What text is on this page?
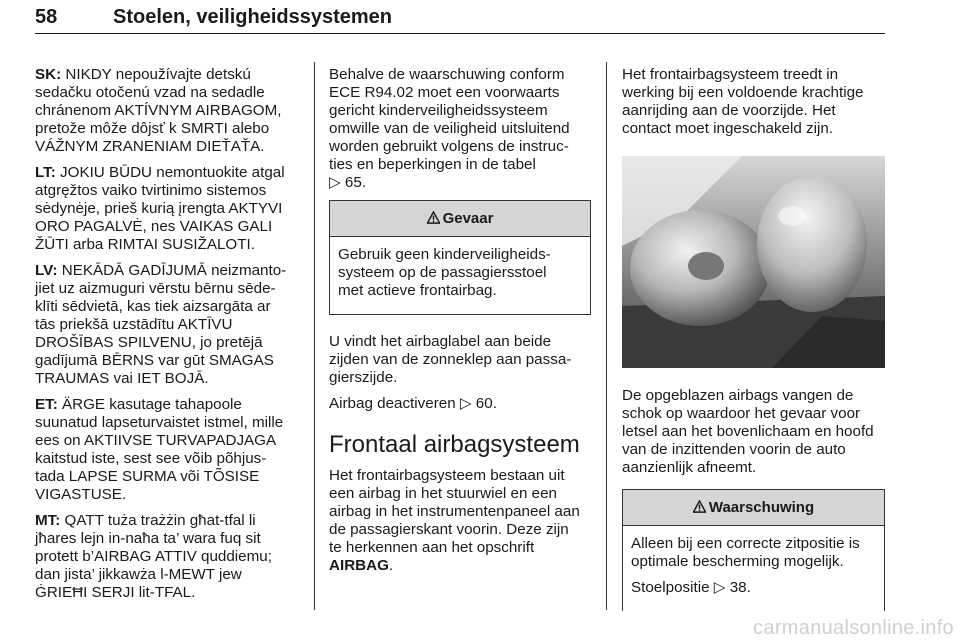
58	Stoelen, veiligheidssystemen

SK: NIKDY nepoužívajte detskú
sedačku otočenú vzad na sedadle
chránenom AKTÍVNYM AIRBAGOM,
pretože môže dôjsť k SMRTI alebo
VÁŽNYM ZRANENIAM DIEŤAŤA.

LT: JOKIU BŪDU nemontuokite atgal
atgręžtos vaiko tvirtinimo sistemos
sėdynėje, prieš kurią įrengta AKTYVI
ORO PAGALVĖ, nes VAIKAS GALI
ŽŪTI arba RIMTAI SUSIŽALOTI.

LV: NEKĀDĀ GADĪJUMĀ neizmanto-
jiet uz aizmuguri vērstu bērnu sēde-
klīti sēdvietā, kas tiek aizsargāta ar
tās priekšā uzstādītu AKTĪVU
DROŠĪBAS SPILVENU, jo pretējā
gadījumā BĒRNS var gūt SMAGAS
TRAUMAS vai IET BOJĀ.

ET: ÄRGE kasutage tahapoole
suunatud lapseturvaistet istmel, mille
ees on AKTIIVSE TURVAPADJAGA
kaitstud iste, sest see võib põhjus-
tada LAPSE SURMA või TÕSISE
VIGASTUSE.

MT: QATT tuża trażżin għat-tfal li
jħares lejn in-naħa ta’ wara fuq sit
protett b’AIRBAG ATTIV quddiemu;
dan jista’ jikkawża l-MEWT jew
ĠRIEĦI SERJI lit-TFAL.

Behalve de waarschuwing conform
ECE R94.02 moet een voorwaarts
gericht kinderveiligheidssysteem
omwille van de veiligheid uitsluitend
worden gebruikt volgens de instruc-
ties en beperkingen in de tabel
▷ 65.

Gevaar

Gebruik geen kinderveiligheids-
systeem op de passagiersstoel
met actieve frontairbag.

U vindt het airbaglabel aan beide
zijden van de zonneklep aan passa-
gierszijde.

Airbag deactiveren ▷ 60.

Frontaal airbagsysteem

Het frontairbagsysteem bestaan uit
een airbag in het stuurwiel en een
airbag in het instrumentenpaneel aan
de passagierskant voorin. Deze zijn
te herkennen aan het opschrift
AIRBAG.

Het frontairbagsysteem treedt in
werking bij een voldoende krachtige
aanrijding aan de voorzijde. Het
contact moet ingeschakeld zijn.

De opgeblazen airbags vangen de
schok op waardoor het gevaar voor
letsel aan het bovenlichaam en hoofd
van de inzittenden voorin de auto
aanzienlijk afneemt.

Waarschuwing

Alleen bij een correcte zitpositie is
optimale bescherming mogelijk.

Stoelpositie ▷ 38.

carmanualsonline.info
